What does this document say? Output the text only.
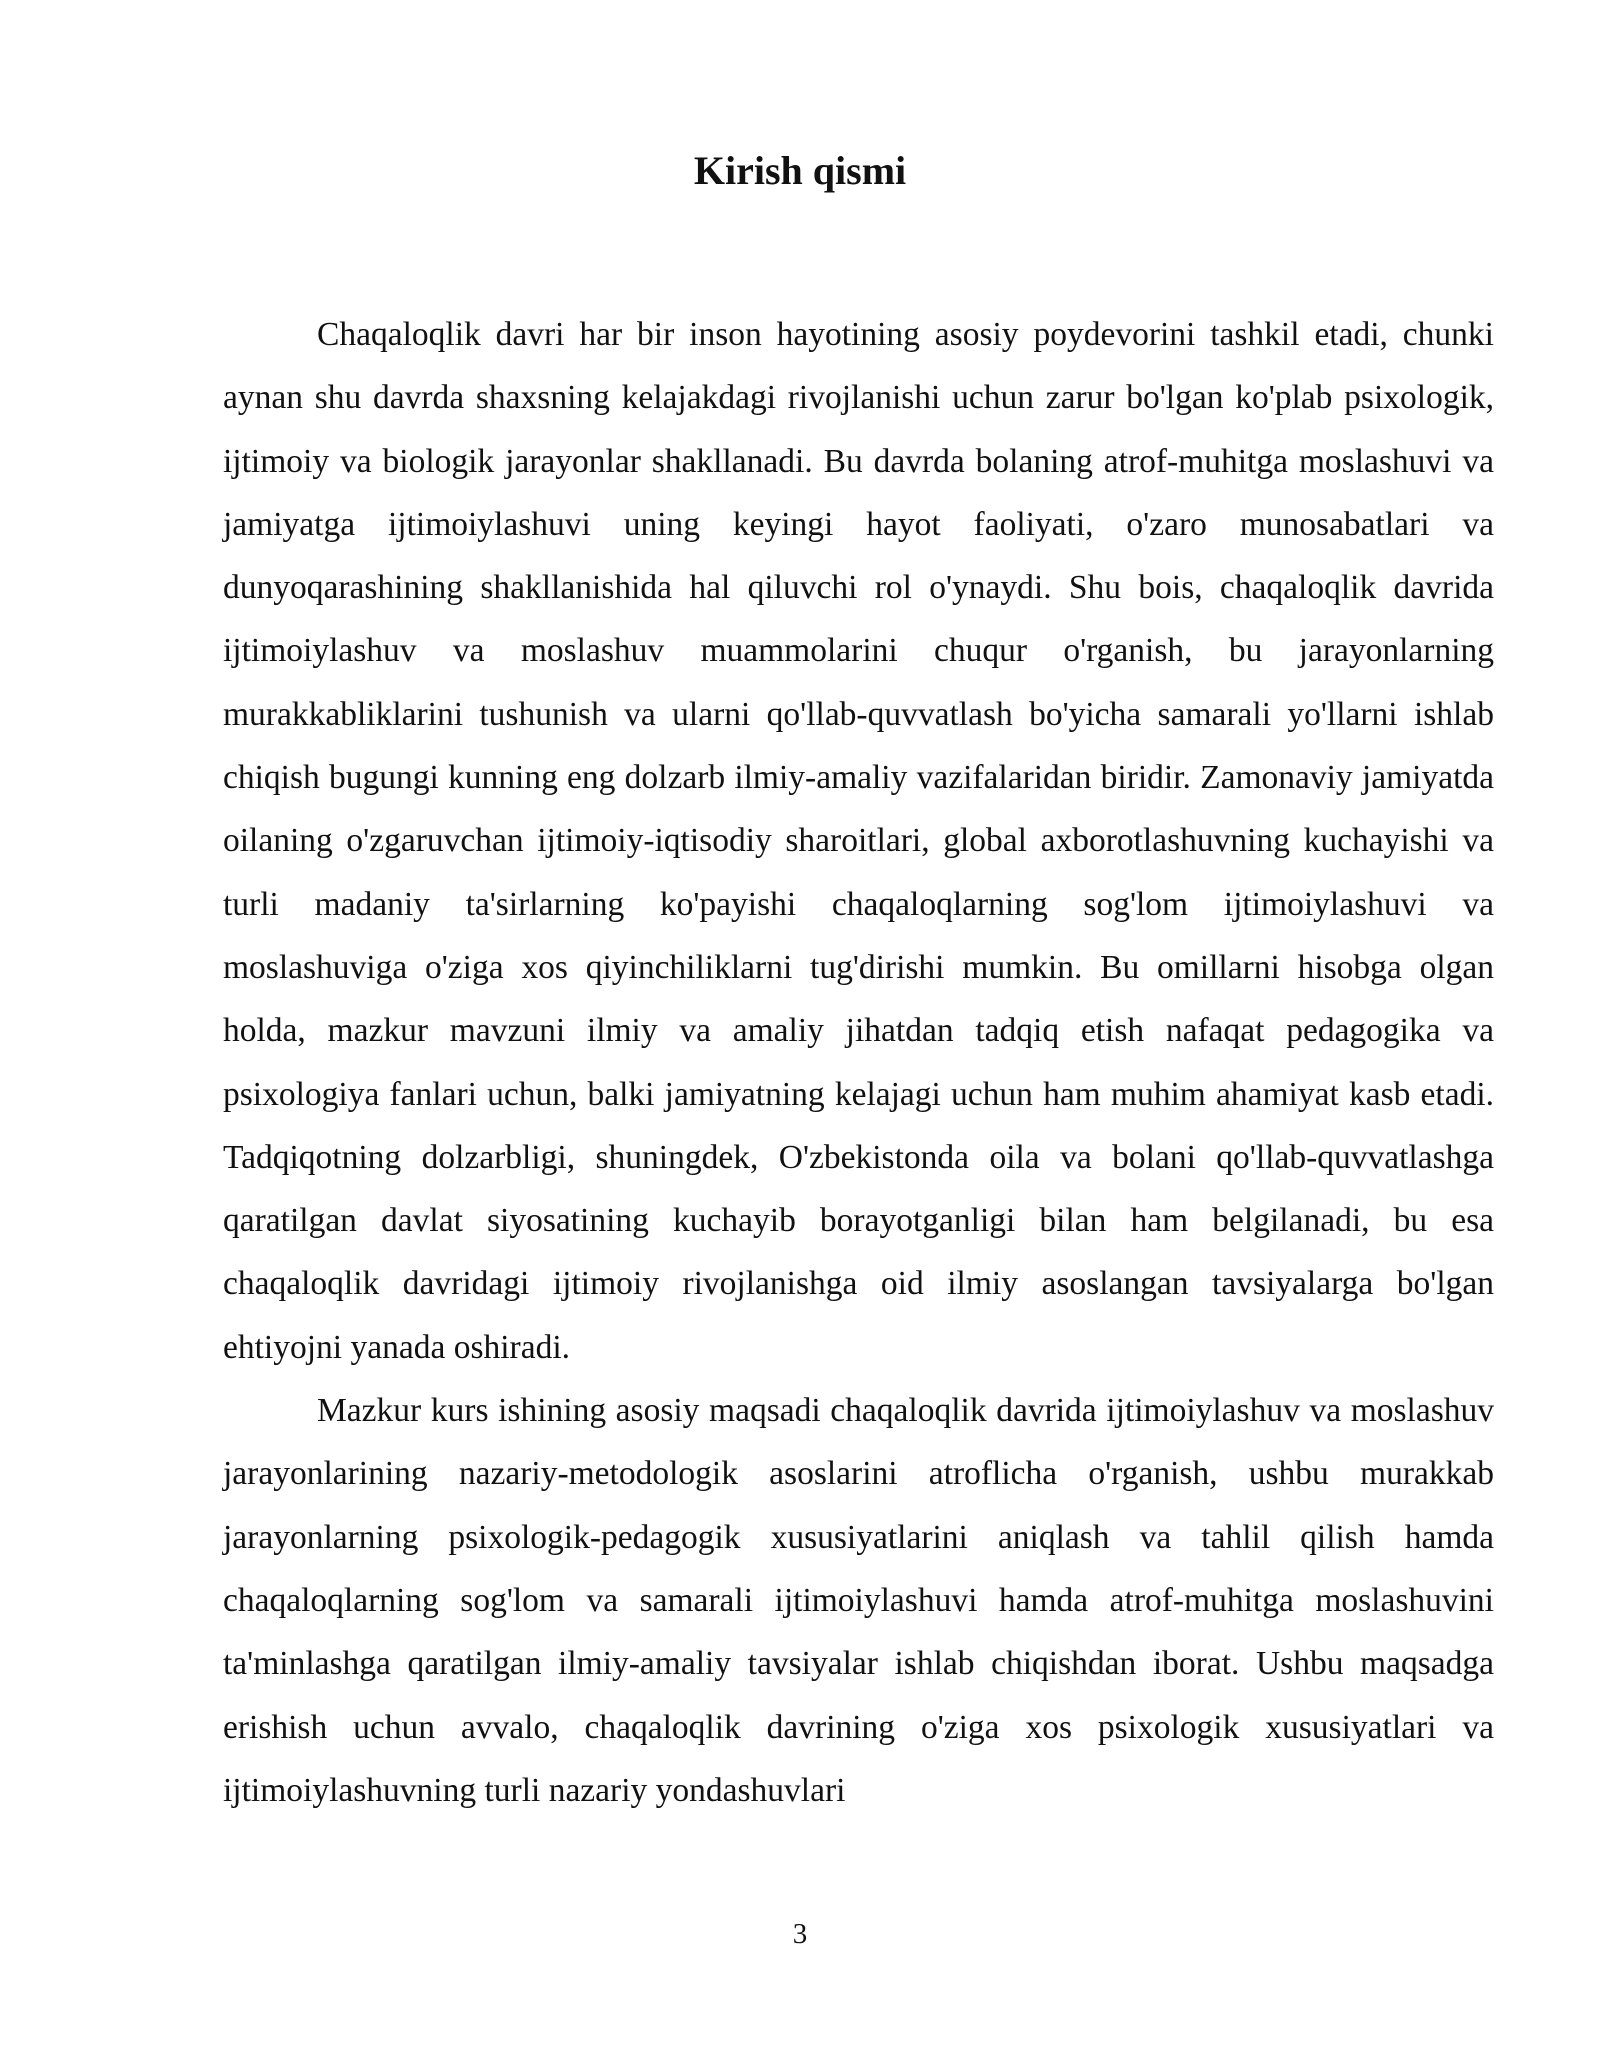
Kirish qismi

Chaqaloqlik davri har bir inson hayotining asosiy poydevorini tashkil etadi, chunki aynan shu davrda shaxsning kelajakdagi rivojlanishi uchun zarur bo'lgan ko'plab psixologik, ijtimoiy va biologik jarayonlar shakllanadi. Bu davrda bolaning atrof-muhitga moslashuvi va jamiyatga ijtimoiylashuvi uning keyingi hayot faoliyati, o'zaro munosabatlari va dunyoqarashining shakllanishida hal qiluvchi rol o'ynaydi. Shu bois, chaqaloqlik davrida ijtimoiylashuv va moslashuv muammolarini chuqur o'rganish, bu jarayonlarning murakkabliklarini tushunish va ularni qo'llab-quvvatlash bo'yicha samarali yo'llarni ishlab chiqish bugungi kunning eng dolzarb ilmiy-amaliy vazifalaridan biridir. Zamonaviy jamiyatda oilaning o'zgaruvchan ijtimoiy-iqtisodiy sharoitlari, global axborotlashuvning kuchayishi va turli madaniy ta'sirlarning ko'payishi chaqaloqlarning sog'lom ijtimoiylashuvi va moslashuviga o'ziga xos qiyinchiliklarni tug'dirishi mumkin. Bu omillarni hisobga olgan holda, mazkur mavzuni ilmiy va amaliy jihatdan tadqiq etish nafaqat pedagogika va psixologiya fanlari uchun, balki jamiyatning kelajagi uchun ham muhim ahamiyat kasb etadi. Tadqiqotning dolzarbligi, shuningdek, O'zbekistonda oila va bolani qo'llab-quvvatlashga qaratilgan davlat siyosatining kuchayib borayotganligi bilan ham belgilanadi, bu esa chaqaloqlik davridagi ijtimoiy rivojlanishga oid ilmiy asoslangan tavsiyalarga bo'lgan ehtiyojni yanada oshiradi.

Mazkur kurs ishining asosiy maqsadi chaqaloqlik davrida ijtimoiylashuv va moslashuv jarayonlarining nazariy-metodologik asoslarini atroflicha o'rganish, ushbu murakkab jarayonlarning psixologik-pedagogik xususiyatlarini aniqlash va tahlil qilish hamda chaqaloqlarning sog'lom va samarali ijtimoiylashuvi hamda atrof-muhitga moslashuvini ta'minlashga qaratilgan ilmiy-amaliy tavsiyalar ishlab chiqishdan iborat. Ushbu maqsadga erishish uchun avvalo, chaqaloqlik davrining o'ziga xos psixologik xususiyatlari va ijtimoiylashuvning turli nazariy yondashuvlari

3
